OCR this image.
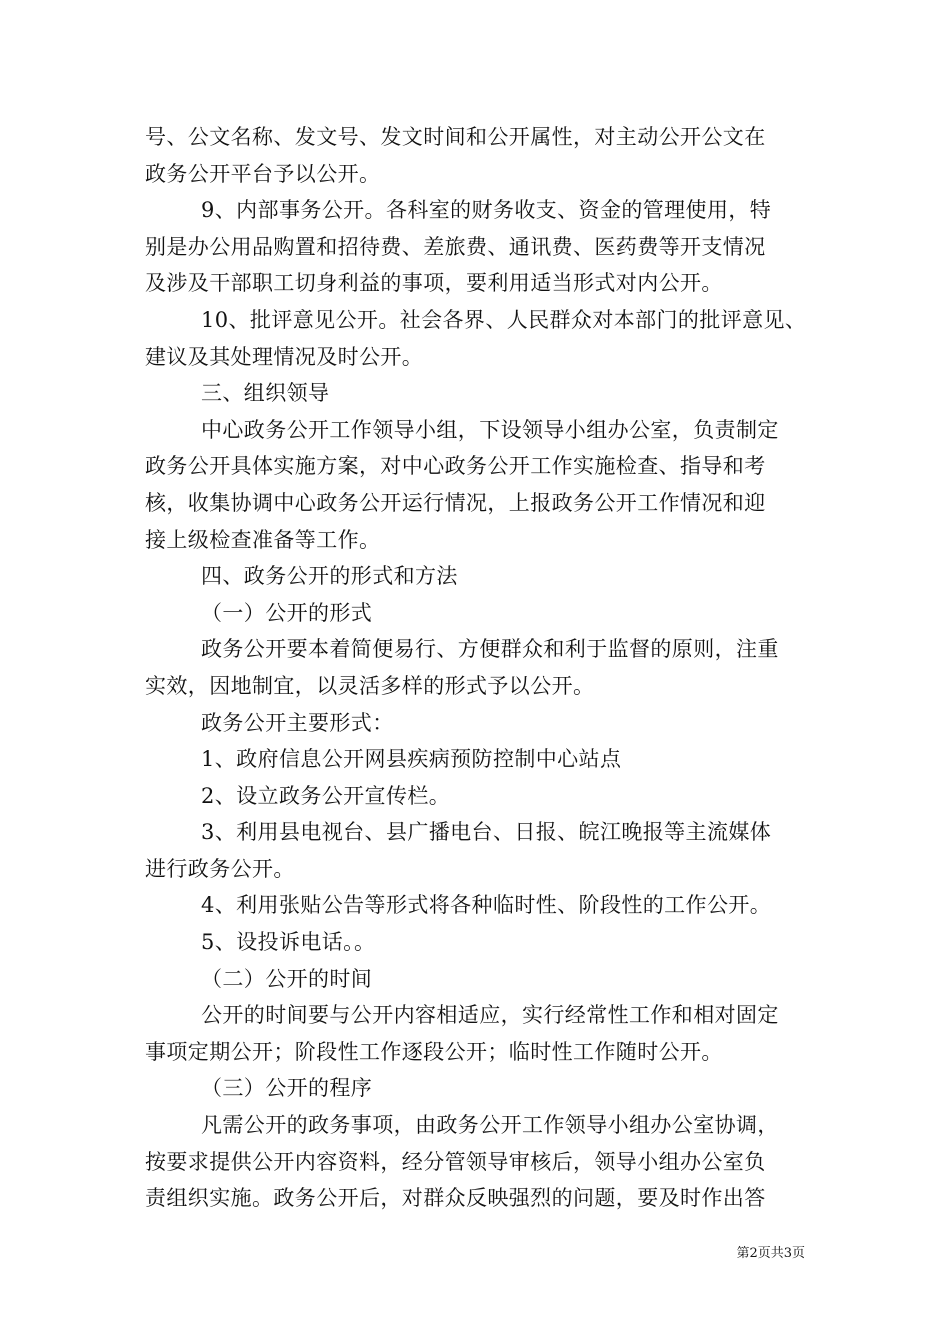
号、公文名称、发文号、发文时间和公开属性，对主动公开公文在
政务公开平台予以公开。
9、内部事务公开。各科室的财务收支、资金的管理使用，特
别是办公用品购置和招待费、差旅费、通讯费、医药费等开支情况
及涉及干部职工切身利益的事项，要利用适当形式对内公开。
10、批评意见公开。社会各界、人民群众对本部门的批评意见、
建议及其处理情况及时公开。
三、组织领导
中心政务公开工作领导小组，下设领导小组办公室，负责制定
政务公开具体实施方案，对中心政务公开工作实施检查、指导和考
核，收集协调中心政务公开运行情况，上报政务公开工作情况和迎
接上级检查准备等工作。
四、政务公开的形式和方法
（一）公开的形式
政务公开要本着简便易行、方便群众和利于监督的原则，注重
实效，因地制宜，以灵活多样的形式予以公开。
政务公开主要形式：
1、政府信息公开网县疾病预防控制中心站点
2、设立政务公开宣传栏。
3、利用县电视台、县广播电台、日报、皖江晚报等主流媒体
进行政务公开。
4、利用张贴公告等形式将各种临时性、阶段性的工作公开。
5、设投诉电话。。
（二）公开的时间
公开的时间要与公开内容相适应，实行经常性工作和相对固定
事项定期公开；阶段性工作逐段公开；临时性工作随时公开。
（三）公开的程序
凡需公开的政务事项，由政务公开工作领导小组办公室协调，
按要求提供公开内容资料，经分管领导审核后，领导小组办公室负
责组织实施。政务公开后，对群众反映强烈的问题，要及时作出答
第2页共3页
